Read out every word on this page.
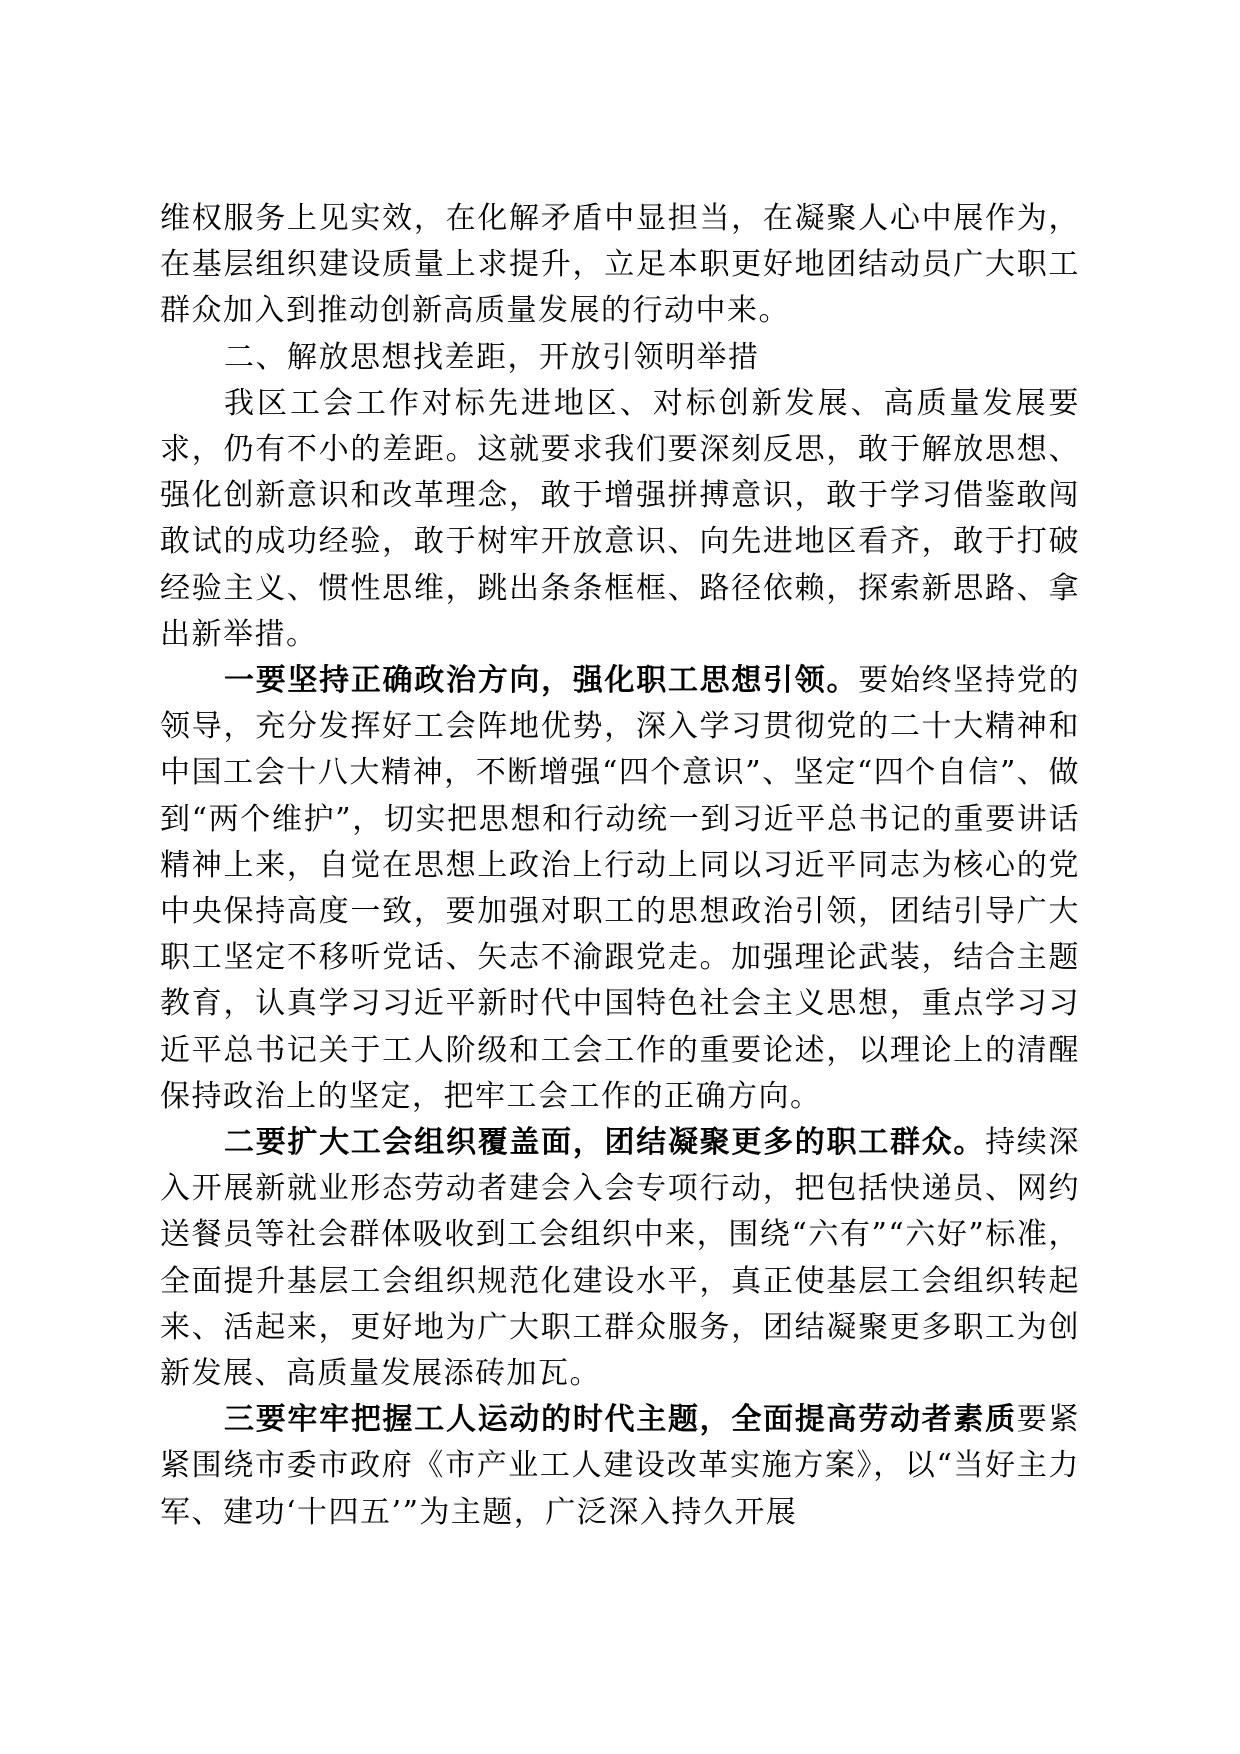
维权服务上见实效，在化解矛盾中显担当，在凝聚人心中展作为，在基层组织建设质量上求提升，立足本职更好地团结动员广大职工群众加入到推动创新高质量发展的行动中来。

二、解放思想找差距，开放引领明举措

我区工会工作对标先进地区、对标创新发展、高质量发展要求，仍有不小的差距。这就要求我们要深刻反思，敢于解放思想、强化创新意识和改革理念，敢于增强拼搏意识，敢于学习借鉴敢闯敢试的成功经验，敢于树牢开放意识、向先进地区看齐，敢于打破经验主义、惯性思维，跳出条条框框、路径依赖，探索新思路、拿出新举措。

一要坚持正确政治方向，强化职工思想引领。要始终坚持党的领导，充分发挥好工会阵地优势，深入学习贯彻党的二十大精神和中国工会十八大精神，不断增强“四个意识”、坚定“四个自信”、做到“两个维护”，切实把思想和行动统一到习近平总书记的重要讲话精神上来，自觉在思想上政治上行动上同以习近平同志为核心的党中央保持高度一致，要加强对职工的思想政治引领，团结引导广大职工坚定不移听党话、矢志不渝跟党走。加强理论武装，结合主题教育，认真学习习近平新时代中国特色社会主义思想，重点学习习近平总书记关于工人阶级和工会工作的重要论述，以理论上的清醒保持政治上的坚定，把牢工会工作的正确方向。

二要扩大工会组织覆盖面，团结凝聚更多的职工群众。持续深入开展新就业形态劳动者建会入会专项行动，把包括快递员、网约送餐员等社会群体吸收到工会组织中来，围绕“六有”“六好”标准，全面提升基层工会组织规范化建设水平，真正使基层工会组织转起来、活起来，更好地为广大职工群众服务，团结凝聚更多职工为创新发展、高质量发展添砖加瓦。

三要牢牢把握工人运动的时代主题，全面提高劳动者素质要紧紧围绕市委市政府《市产业工人建设改革实施方案》，以“当好主力军、建功‘十四五’”为主题，广泛深入持久开展
